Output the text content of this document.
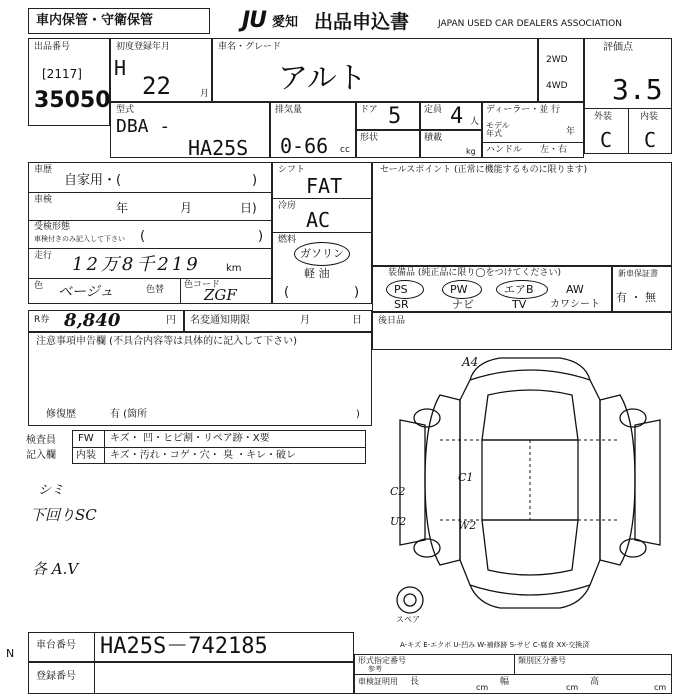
車内保管・守衛保管	JU 愛知 出品申込書	JAPAN USED CAR DEALERS ASSOCIATION
出品番号
[2117]
35050
初度登録年月
H
22	月
車名・グレード
アルト
2WD
4WD
評価点
3.5
外装	内装
C C
型式
DBA -
HA25S
排気量
0-66 cc
ドア 5	定員 4 人
形状	積載
kg
ディーラー・並 行
モデル年式	年
ハンドル 左・右
車歴
自家用・(	)
車検
年	月	日)
受検形態
車検付きのみ記入して下さい (	)
走行 12万8千219	km
色 ベージュ	色替 色コード
ZGF
シフト
FAT
冷房
AC
燃料
ガソリン
軽 油
(	)
セールスポイント (正常に機能するものに限ります)
装備品 (純正品に限り◯をつけてください)
PS	PW	エアB	AW
SR	ナビ	TV カワシート
新車保証書
有 ・ 無
R券 8,840	円 名変通知期限	月	日 後日品
注意事項申告欄 (不具合内容等は具体的に記入して下さい)
修復歴	有 (箇所	)
検査員
記入欄
FW キズ・ 凹・ヒビ割・リペア跡・X要
内装 キズ・汚れ・コゲ・穴・ 臭 ・キレ・破レ
シミ
下回りSC
各 A.V
A4
C2
C1
U2	W2
スペア
A-キズ E-エクボ U-凹み W-補修跡 S-サビ C-腐食 XX-交換済
N
車台番号 HA25S－742185
登録番号
形式指定番号
参考
類別区分番号
車検証明用 長
cm
幅
cm
高
cm
